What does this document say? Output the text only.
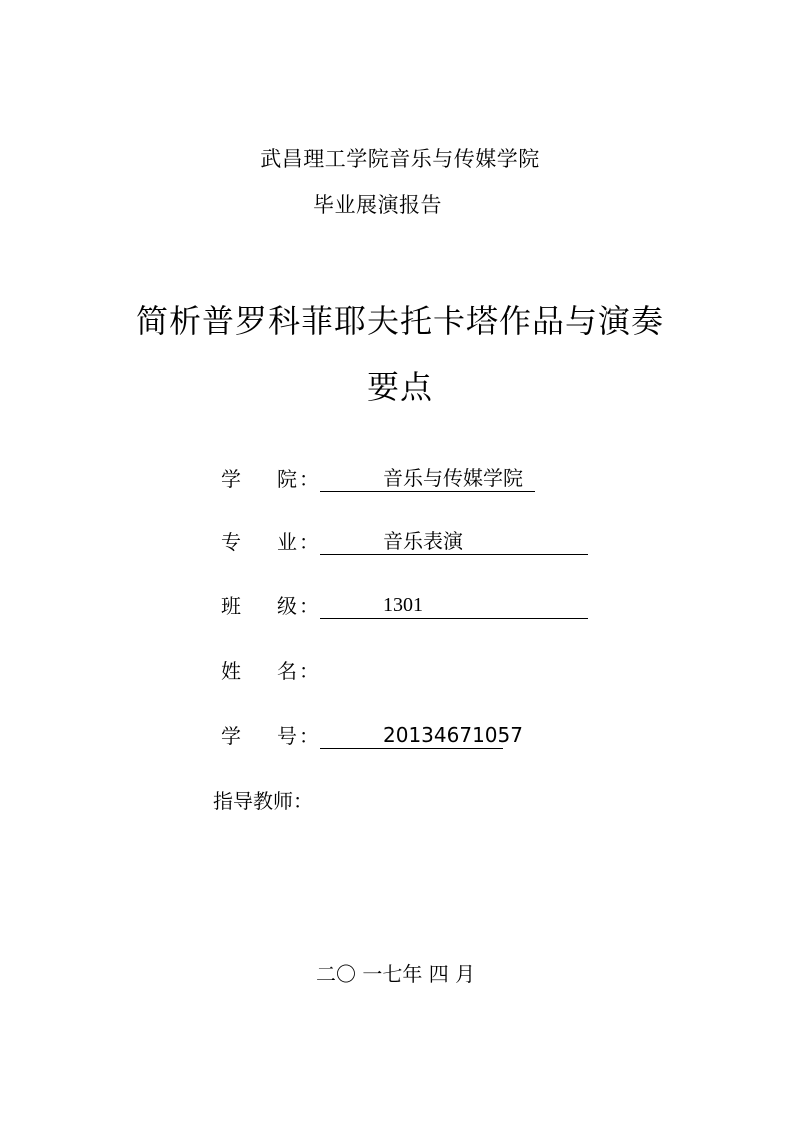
武昌理工学院音乐与传媒学院
毕业展演报告
简析普罗科菲耶夫托卡塔作品与演奏
要点
学 院 ：	音乐与传媒学院
专 业 ：	音乐表演
班 级 ：	1301
姓 名 ：
学 号 ：	20134671057
指导教师：
二〇 一七年 四 月
